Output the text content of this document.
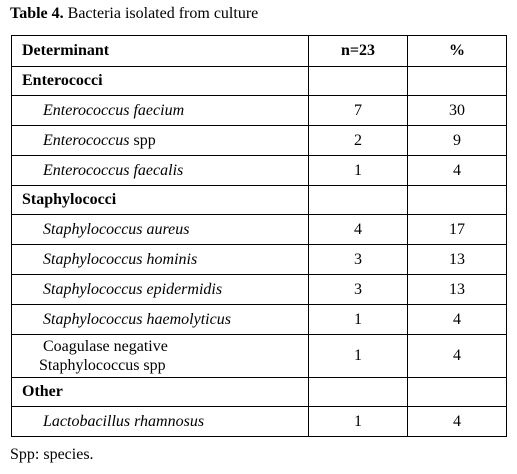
Table 4. Bacteria isolated from culture
Determinant	n=23	%
Enterococci		
Enterococcus faecium	7	30
Enterococcus spp	2	9
Enterococcus faecalis	1	4
Staphylococci		
Staphylococcus aureus	4	17
Staphylococcus hominis	3	13
Staphylococcus epidermidis	3	13
Staphylococcus haemolyticus	1	4
Coagulase negative
Staphylococcus spp	1	4
Other		
Lactobacillus rhamnosus	1	4
Spp: species.
